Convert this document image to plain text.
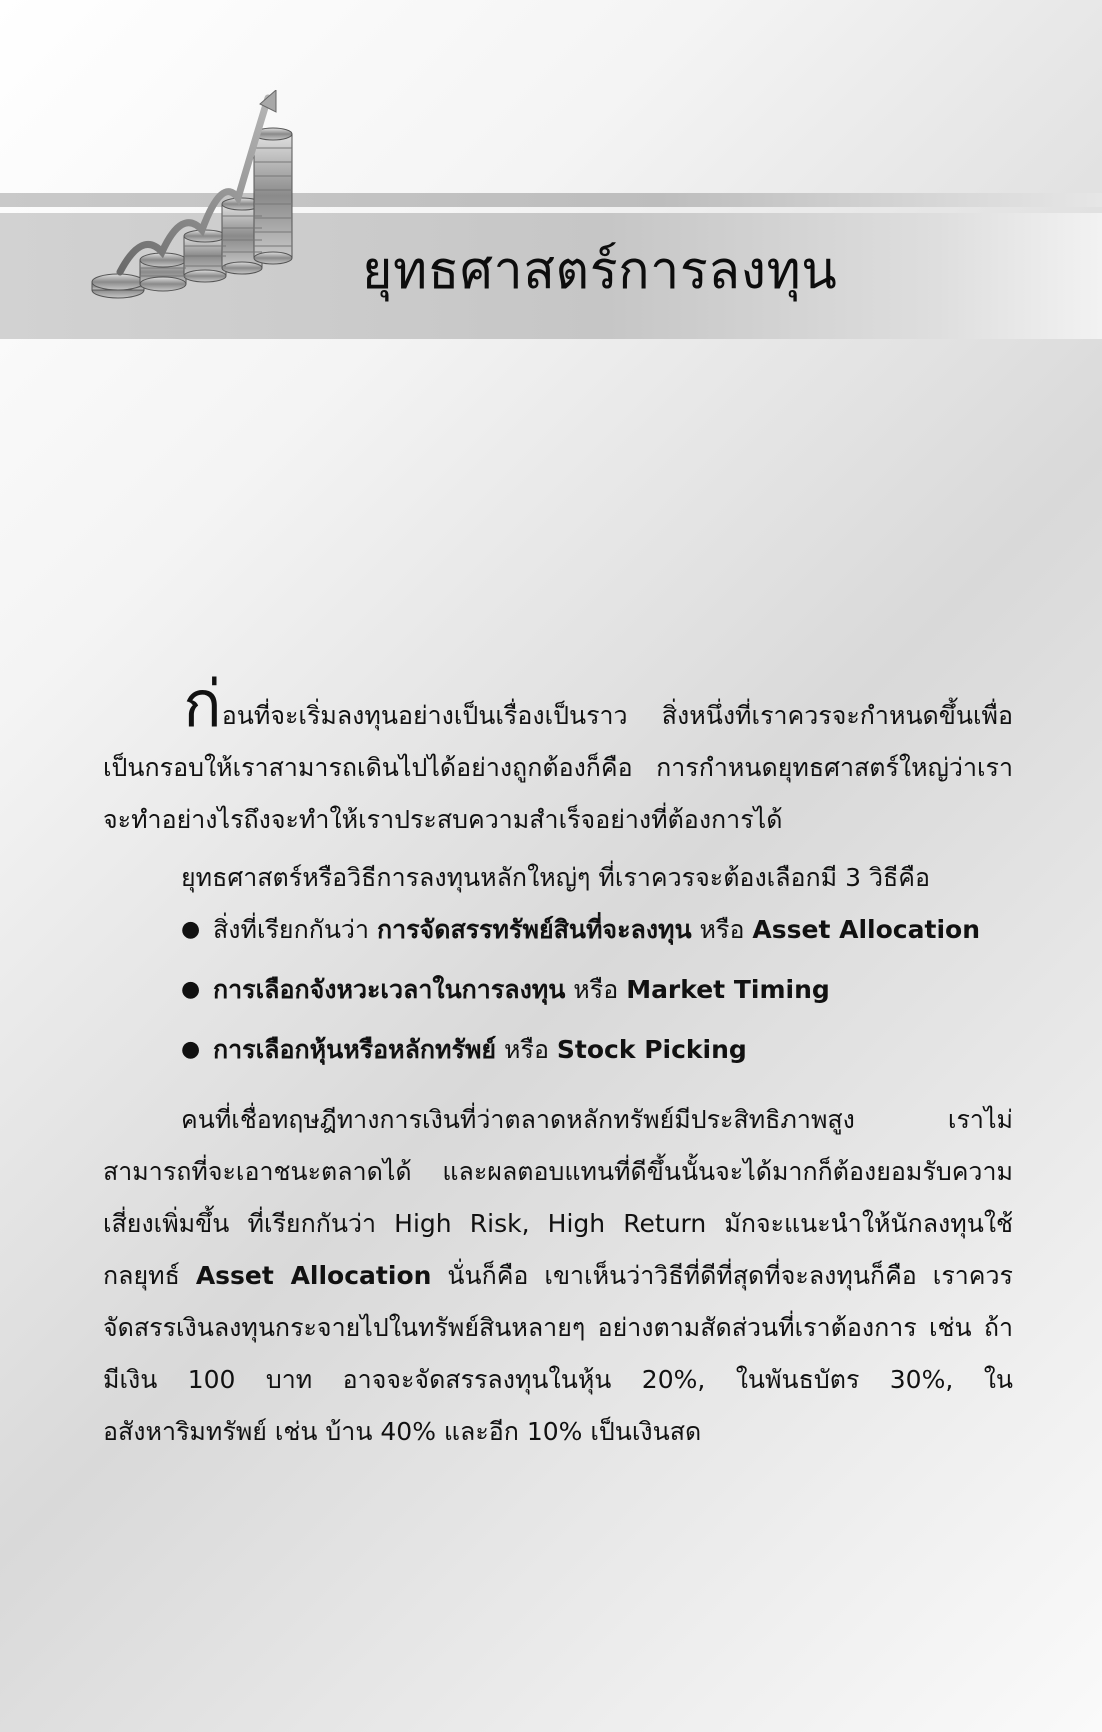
ยุทธศาสตร์การลงทุน

ก่อนที่จะเริ่มลงทุนอย่างเป็นเรื่องเป็นราว สิ่งหนึ่งที่เราควรจะกำหนดขึ้นเพื่อเป็นกรอบให้เราสามารถเดินไปได้อย่างถูกต้องก็คือ การกำหนดยุทธศาสตร์ใหญ่ว่าเราจะทำอย่างไรถึงจะทำให้เราประสบความสำเร็จอย่างที่ต้องการได้

ยุทธศาสตร์หรือวิธีการลงทุนหลักใหญ่ๆ ที่เราควรจะต้องเลือกมี 3 วิธีคือ

● สิ่งที่เรียกกันว่า การจัดสรรทรัพย์สินที่จะลงทุน หรือ Asset Allocation
● การเลือกจังหวะเวลาในการลงทุน หรือ Market Timing
● การเลือกหุ้นหรือหลักทรัพย์ หรือ Stock Picking

คนที่เชื่อทฤษฎีทางการเงินที่ว่าตลาดหลักทรัพย์มีประสิทธิภาพสูง เราไม่สามารถที่จะเอาชนะตลาดได้ และผลตอบแทนที่ดีขึ้นนั้นจะได้มากก็ต้องยอมรับความเสี่ยงเพิ่มขึ้น ที่เรียกกันว่า High Risk, High Return มักจะแนะนำให้นักลงทุนใช้กลยุทธ์ Asset Allocation นั่นก็คือ เขาเห็นว่าวิธีที่ดีที่สุดที่จะลงทุนก็คือ เราควรจัดสรรเงินลงทุนกระจายไปในทรัพย์สินหลายๆ อย่างตามสัดส่วนที่เราต้องการ เช่น ถ้ามีเงิน 100 บาท อาจจะจัดสรรลงทุนในหุ้น 20%, ในพันธบัตร 30%, ในอสังหาริมทรัพย์ เช่น บ้าน 40% และอีก 10% เป็นเงินสด
